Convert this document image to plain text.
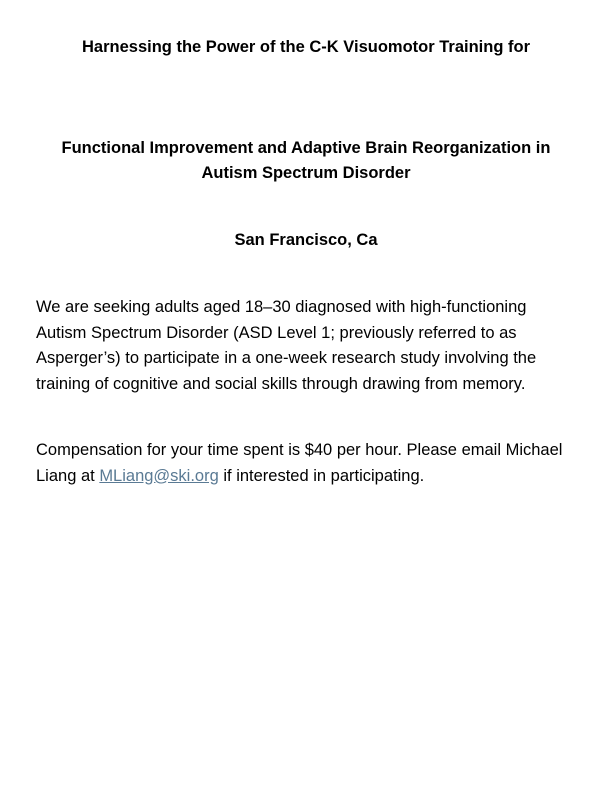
Harnessing the Power of the C-K Visuomotor Training for
Functional Improvement and Adaptive Brain Reorganization in Autism Spectrum Disorder
San Francisco, Ca

We are seeking adults aged 18–30 diagnosed with high-functioning Autism Spectrum Disorder (ASD Level 1; previously referred to as Asperger’s) to participate in a one-week research study involving the training of cognitive and social skills through drawing from memory.

Compensation for your time spent is $40 per hour. Please email Michael Liang at MLiang@ski.org if interested in participating.
